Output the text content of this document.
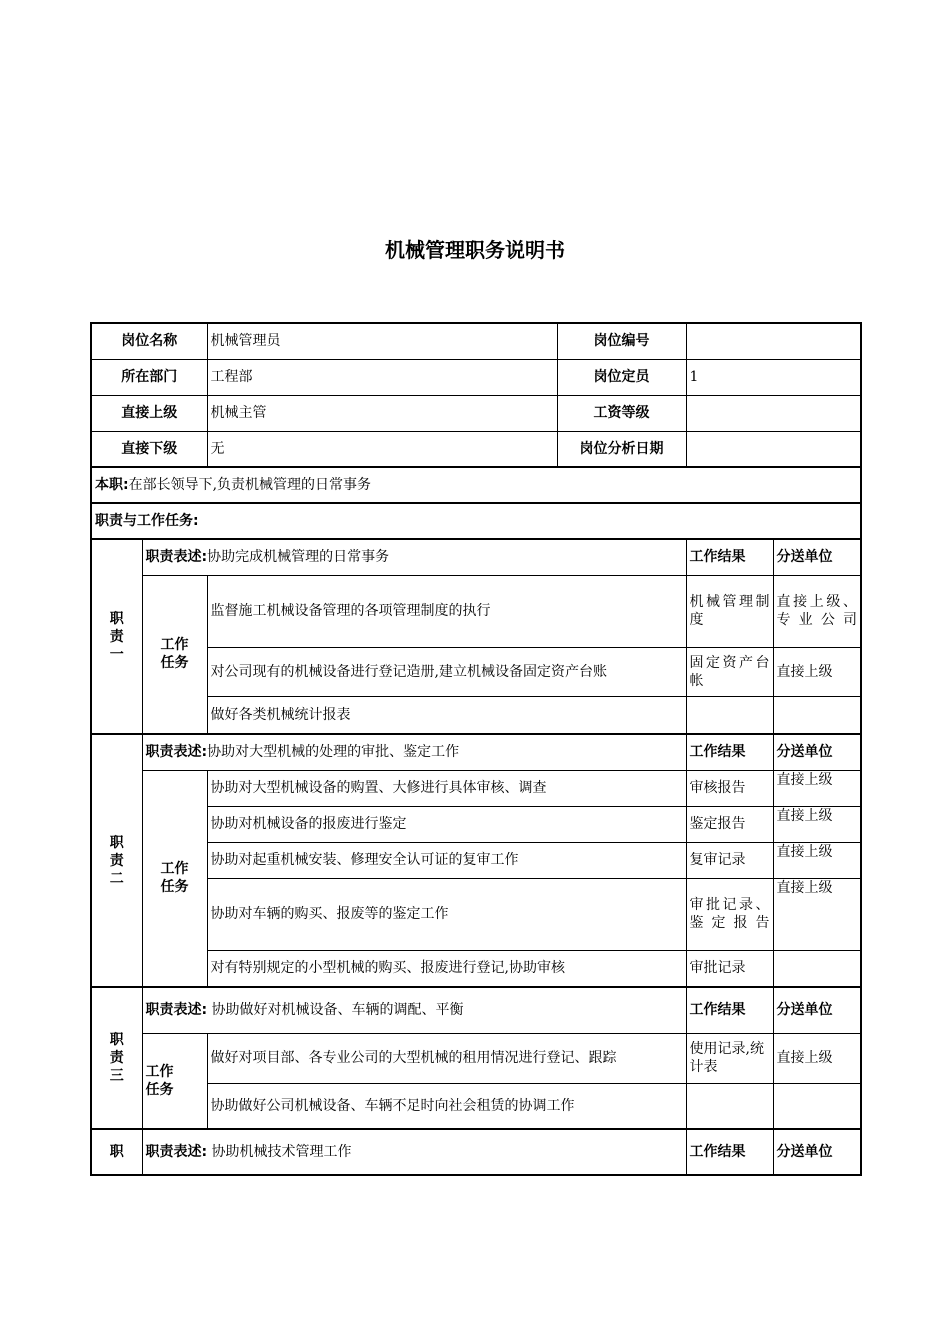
机械管理职务说明书
岗位名称		机械管理员	岗位编号		
所在部门		工程部	岗位定员	1	
直接上级		机械主管	工资等级		
直接下级		无	岗位分析日期		
本职:在部长领导下,负责机械管理的日常事务					
职责与工作任务:					

职
责
一	职责表述:协助完成机械管理的日常事务			工作结果	分送单位

	工作
任务	监督施工机械设备管理的各项管理制度的执行		机械管理制度	直接上级、专业公司
		对公司现有的机械设备进行登记造册,建立机械设备固定资产台账		固定资产台帐	直接上级
		做好各类机械统计报表			

职
责
二	职责表述:协助对大型机械的处理的审批、鉴定工作			工作结果	分送单位

	工作
任务	协助对大型机械设备的购置、大修进行具体审核、调查		审核报告	直接上级
		协助对机械设备的报废进行鉴定		鉴定报告	直接上级
		协助对起重机械安装、修理安全认可证的复审工作		复审记录	直接上级
		协助对车辆的购买、报废等的鉴定工作		审批记录、鉴定报告	直接上级
		对有特别规定的小型机械的购买、报废进行登记,协助审核		审批记录	

职
责
三	职责表述: 协助做好对机械设备、车辆的调配、平衡			工作结果	分送单位

	工作
任务	做好对项目部、各专业公司的大型机械的租用情况进行登记、跟踪		使用记录,统计表	直接上级
		协助做好公司机械设备、车辆不足时向社会租赁的协调工作			

职	职责表述: 协助机械技术管理工作			工作结果	分送单位
